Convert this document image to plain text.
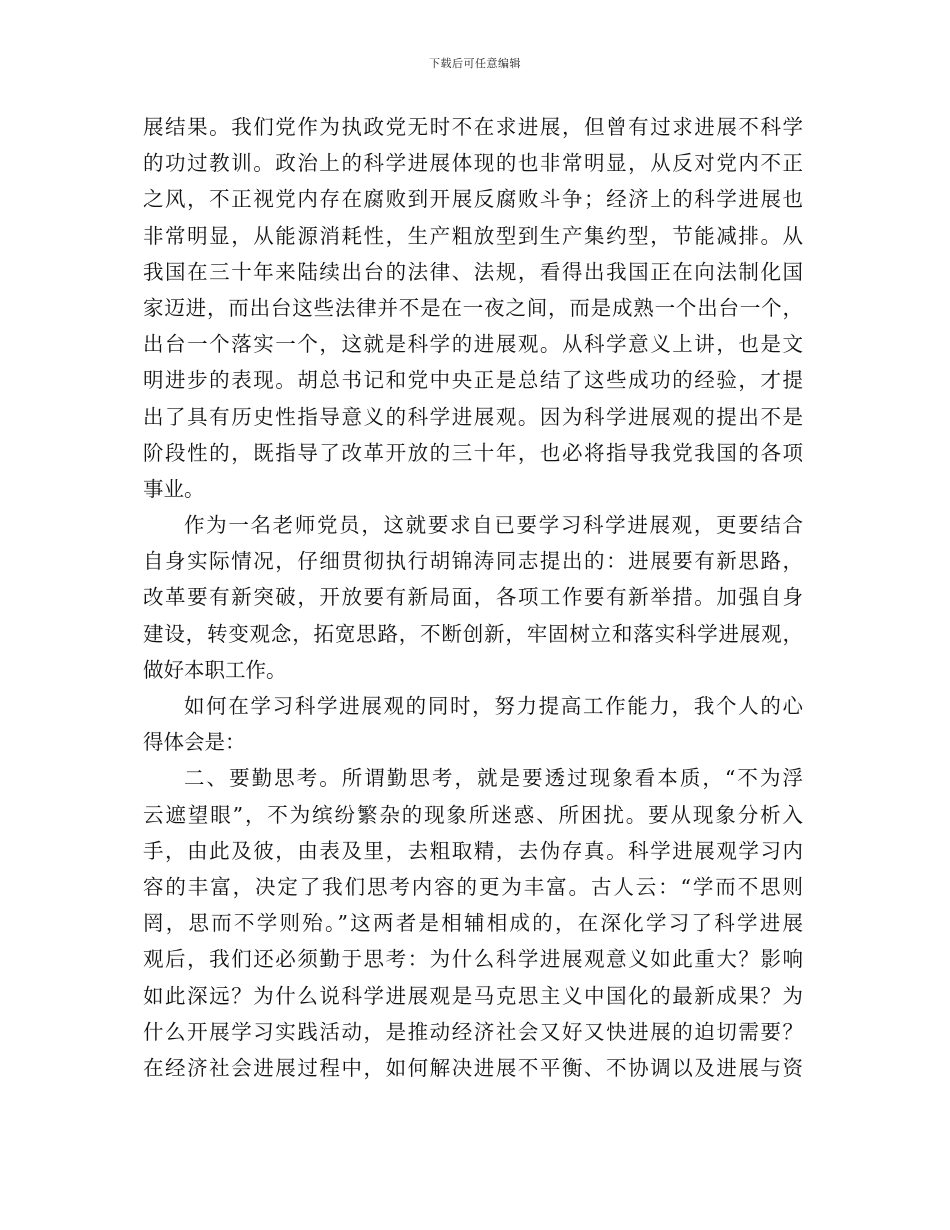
下载后可任意编辑
展结果。我们党作为执政党无时不在求进展，但曾有过求进展不科学
的功过教训。政治上的科学进展体现的也非常明显，从反对党内不正
之风，不正视党内存在腐败到开展反腐败斗争；经济上的科学进展也
非常明显，从能源消耗性，生产粗放型到生产集约型，节能减排。从
我国在三十年来陆续出台的法律、法规，看得出我国正在向法制化国
家迈进，而出台这些法律并不是在一夜之间，而是成熟一个出台一个，
出台一个落实一个，这就是科学的进展观。从科学意义上讲，也是文
明进步的表现。胡总书记和党中央正是总结了这些成功的经验，才提
出了具有历史性指导意义的科学进展观。因为科学进展观的提出不是
阶段性的，既指导了改革开放的三十年，也必将指导我党我国的各项
事业。
作为一名老师党员，这就要求自已要学习科学进展观，更要结合
自身实际情况，仔细贯彻执行胡锦涛同志提出的：进展要有新思路，
改革要有新突破，开放要有新局面，各项工作要有新举措。加强自身
建设，转变观念，拓宽思路，不断创新，牢固树立和落实科学进展观，
做好本职工作。
如何在学习科学进展观的同时，努力提高工作能力，我个人的心
得体会是：
二、要勤思考。所谓勤思考，就是要透过现象看本质，“不为浮
云遮望眼”，不为缤纷繁杂的现象所迷惑、所困扰。要从现象分析入
手，由此及彼，由表及里，去粗取精，去伪存真。科学进展观学习内
容的丰富，决定了我们思考内容的更为丰富。古人云：“学而不思则
罔，思而不学则殆。”这两者是相辅相成的，在深化学习了科学进展
观后，我们还必须勤于思考：为什么科学进展观意义如此重大？影响
如此深远？为什么说科学进展观是马克思主义中国化的最新成果？为
什么开展学习实践活动，是推动经济社会又好又快进展的迫切需要？
在经济社会进展过程中，如何解决进展不平衡、不协调以及进展与资
